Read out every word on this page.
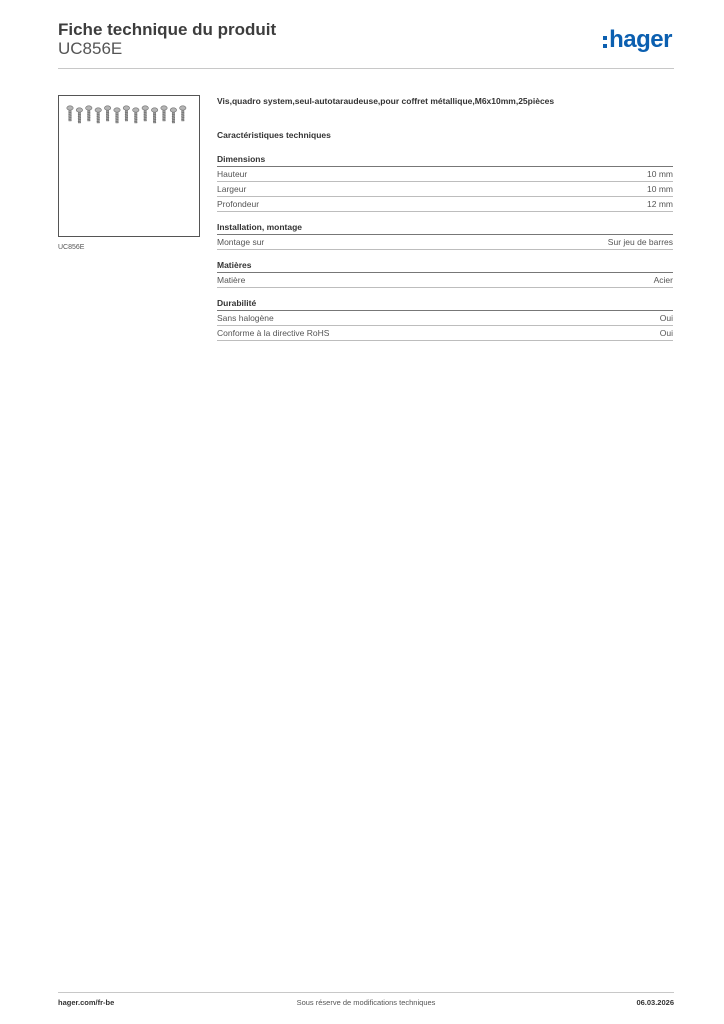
Fiche technique du produit
UC856E	hager
UC856E
Vis,quadro system,seul-autotaraudeuse,pour coffret métallique,M6x10mm,25pièces
Caractéristiques techniques
Dimensions
Hauteur	10 mm
Largeur	10 mm
Profondeur	12 mm
Installation, montage
Montage sur	Sur jeu de barres
Matières
Matière	Acier
Durabilité
Sans halogène	Oui
Conforme à la directive RoHS	Oui
hager.com/fr-be	Sous réserve de modifications techniques	06.03.2026
